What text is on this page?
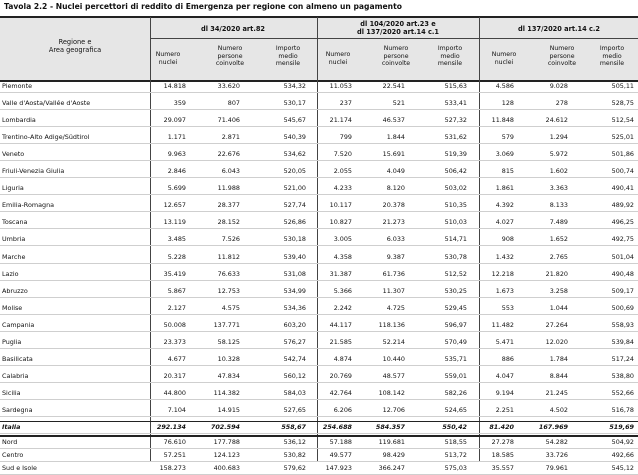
Tavola 2.2 - Nuclei percettori di reddito di Emergenza per regione con almeno un pagamento
Regione e
Area geografica
dl 34/2020 art.82
dl 104/2020 art.23 e
dl 137/2020 art.14 c.1	dl 137/2020 art.14 c.2
Numero
nuclei
Numero
persone
coinvolte
Importo
medio
mensile
Numero
nuclei
Numero
persone
coinvolte
Importo
medio
mensile
Numero
nuclei
Numero
persone
coinvolte
Importo
medio
mensile
Piemonte	14.818	33.620	534,32	11.053	22.541	515,63	4.586	9.028	505,11
Valle d'Aosta/Vallée d'Aoste	359	807	530,17	237	521	533,41	128	278	528,75
Lombardia	29.097	71.406	545,67	21.174	46.537	527,32	11.848	24.612	512,54
Trentino-Alto Adige/Südtirol	1.171	2.871	540,39	799	1.844	531,62	579	1.294	525,01
Veneto	9.963	22.676	534,62	7.520	15.691	519,39	3.069	5.972	501,86
Friuli-Venezia Giulia	2.846	6.043	520,05	2.055	4.049	506,42	815	1.602	500,74
Liguria	5.699	11.988	521,00	4.233	8.120	503,02	1.861	3.363	490,41
Emilia-Romagna	12.657	28.377	527,74	10.117	20.378	510,35	4.392	8.133	489,92
Toscana	13.119	28.152	526,86	10.827	21.273	510,03	4.027	7.489	496,25
Umbria	3.485	7.526	530,18	3.005	6.033	514,71	908	1.652	492,75
Marche	5.228	11.812	539,40	4.358	9.387	530,78	1.432	2.765	501,04
Lazio	35.419	76.633	531,08	31.387	61.736	512,52	12.218	21.820	490,48
Abruzzo	5.867	12.753	534,99	5.366	11.307	530,25	1.673	3.258	509,17
Molise	2.127	4.575	534,36	2.242	4.725	529,45	553	1.044	500,69
Campania	50.008	137.771	603,20	44.117	118.136	596,97	11.482	27.264	558,93
Puglia	23.373	58.125	576,27	21.585	52.214	570,49	5.471	12.020	539,84
Basilicata	4.677	10.328	542,74	4.874	10.440	535,71	886	1.784	517,24
Calabria	20.317	47.834	560,12	20.769	48.577	559,01	4.047	8.844	538,80
Sicilia	44.800	114.382	584,03	42.764	108.142	582,26	9.194	21.245	552,66
Sardegna	7.104	14.915	527,65	6.206	12.706	524,65	2.251	4.502	516,78
Italia	292.134	702.594	558,67	254.688	584.357	550,42	81.420	167.969	519,69
Nord	76.610	177.788	536,12	57.188	119.681	518,55	27.278	54.282	504,92
Centro	57.251	124.123	530,82	49.577	98.429	513,72	18.585	33.726	492,66
Sud e Isole	158.273	400.683	579,62	147.923	366.247	575,03	35.557	79.961	545,12
